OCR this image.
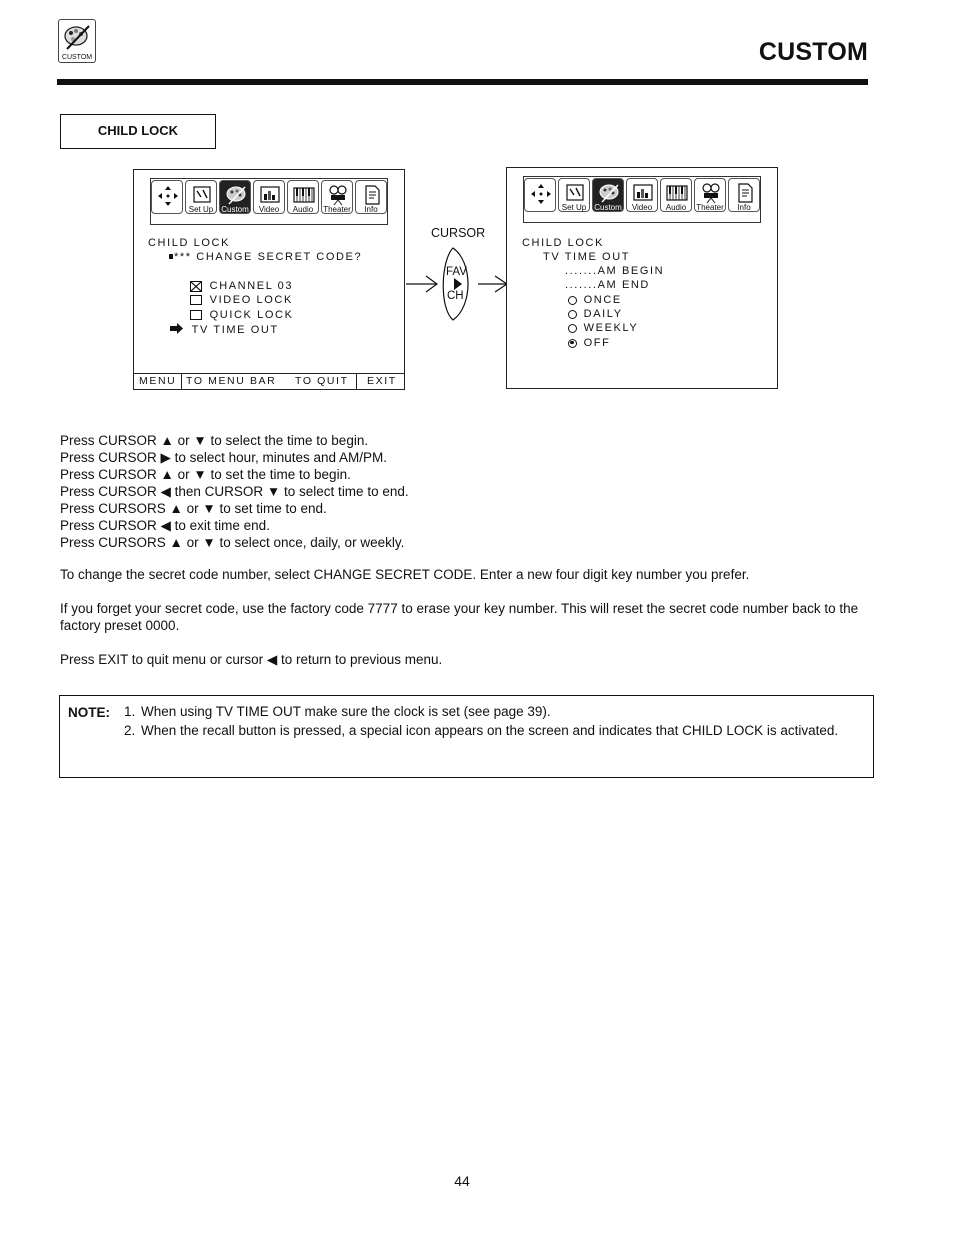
CUSTOM	CUSTOM
CHILD LOCK
Set Up Custom	Video	Audio	Theater	Info
CHILD LOCK
*** CHANGE SECRET CODE?
CHANNEL 03
VIDEO LOCK
QUICK LOCK
TV TIME OUT
MENU TO MENU BAR TO QUIT EXIT
CURSOR
FAV
CH
Set Up Custom	Video	Audio	Theater	Info
CHILD LOCK
TV TIME OUT
.......AM BEGIN
.......AM END
ONCE
DAILY
WEEKLY
OFF
Press CURSOR ▲ or ▼ to select the time to begin.
Press CURSOR ▶ to select hour, minutes and AM/PM.
Press CURSOR ▲ or ▼ to set the time to begin.
Press CURSOR ◀ then CURSOR ▼ to select time to end.
Press CURSORS ▲ or ▼ to set time to end.
Press CURSOR ◀ to exit time end.
Press CURSORS ▲ or ▼ to select once, daily, or weekly.
To change the secret code number, select CHANGE SECRET CODE. Enter a new four digit key number you prefer.
If you forget your secret code, use the factory code 7777 to erase your key number. This will reset the secret code number back to the factory preset 0000.
Press EXIT to quit menu or cursor ◀ to return to previous menu.
NOTE: 1. When using TV TIME OUT make sure the clock is set (see page 39).
2. When the recall button is pressed, a special icon appears on the screen and indicates that CHILD LOCK is activated.
44
